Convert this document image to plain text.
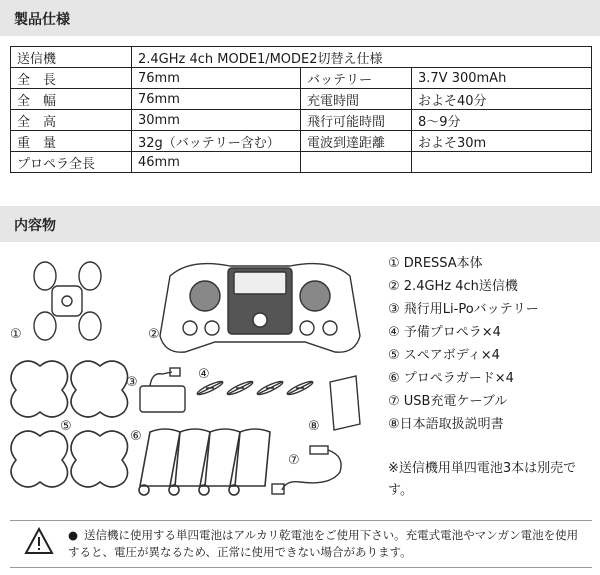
製品仕様
送信機	2.4GHz 4ch MODE1/MODE2切替え仕様		
全　長	76mm	バッテリー	3.7V 300mAh
全　幅	76mm	充電時間	およそ40分
全　高	30mm	飛行可能時間	8〜9分
重　量	32g（バッテリー含む）	電波到達距離	およそ30m
プロペラ全長	46mm		
内容物
①	②
⑤
③
④
⑧
⑥
⑦
① DRESSA本体
② 2.4GHz 4ch送信機
③ 飛行用Li-Poバッテリー
④ 予備プロペラ×4
⑤ スペアボディ×4
⑥ プロペラガード×4
⑦ USB充電ケーブル
⑧日本語取扱説明書
※送信機用単四電池3本は別売です。
● 送信機に使用する単四電池はアルカリ乾電池をご使用下さい。充電式電池やマンガン電池を使用すると、電圧が異なるため、正常に使用できない場合があります。
